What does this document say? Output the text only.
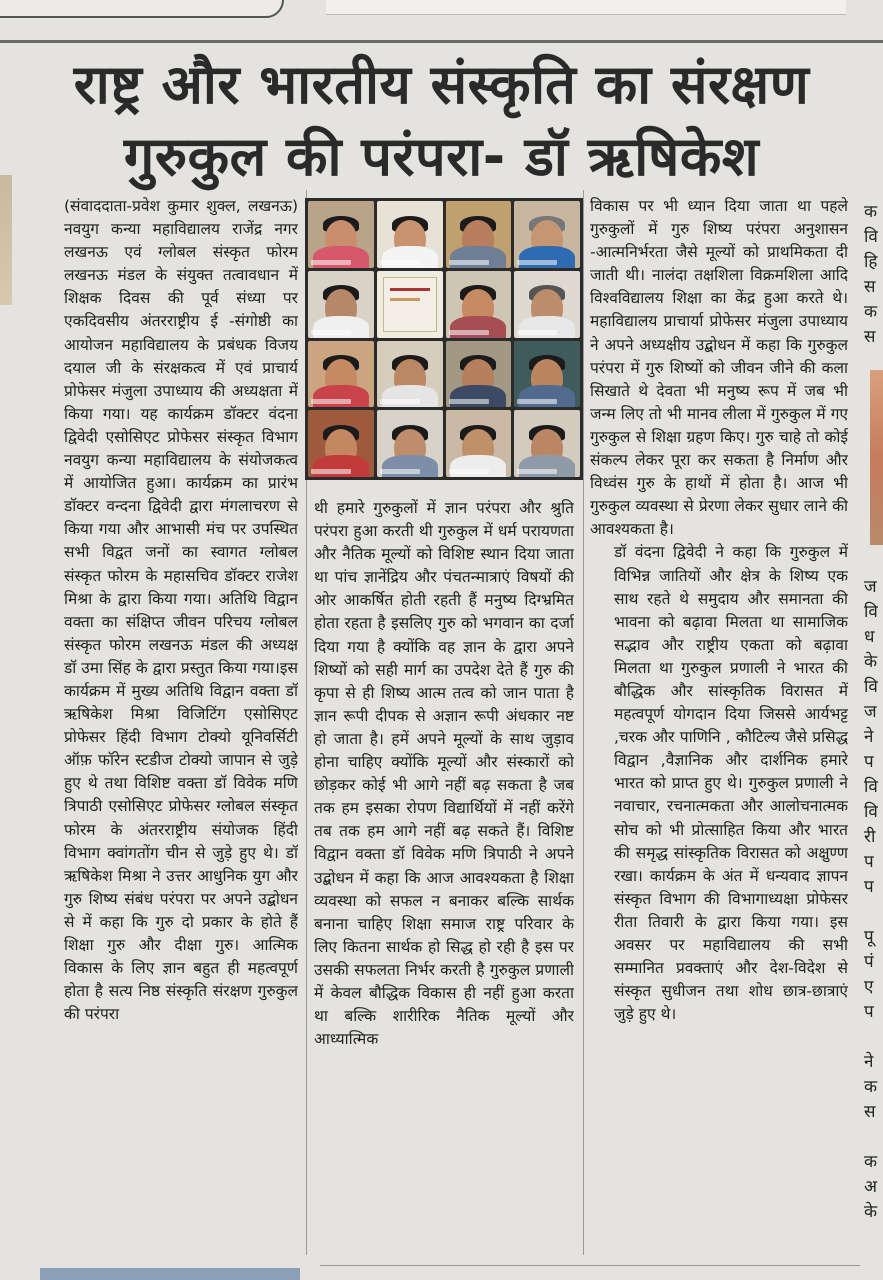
राष्ट्र और भारतीय संस्कृति का संरक्षण
गुरुकुल की परंपरा- डॉ ऋषिकेश

(संवाददाता-प्रवेश कुमार शुक्ल, लखनऊ) नवयुग कन्या महाविद्यालय राजेंद्र नगर लखनऊ एवं ग्लोबल संस्कृत फोरम लखनऊ मंडल के संयुक्त तत्वावधान में शिक्षक दिवस की पूर्व संध्या पर एकदिवसीय अंतरराष्ट्रीय ई -संगोष्ठी का आयोजन महाविद्यालय के प्रबंधक विजय दयाल जी के संरक्षकत्व में एवं प्राचार्य प्रोफेसर मंजुला उपाध्याय की अध्यक्षता में किया गया। यह कार्यक्रम डॉक्टर वंदना द्विवेदी एसोसिएट प्रोफेसर संस्कृत विभाग नवयुग कन्या महाविद्यालय के संयोजकत्व में आयोजित हुआ। कार्यक्रम का प्रारंभ डॉक्टर वन्दना द्विवेदी द्वारा मंगलाचरण से किया गया और आभासी मंच पर उपस्थित सभी विद्वत जनों का स्वागत ग्लोबल संस्कृत फोरम के महासचिव डॉक्टर राजेश मिश्रा के द्वारा किया गया। अतिथि विद्वान वक्ता का संक्षिप्त जीवन परिचय ग्लोबल संस्कृत फोरम लखनऊ मंडल की अध्यक्ष डॉ उमा सिंह के द्वारा प्रस्तुत किया गया।इस कार्यक्रम में मुख्य अतिथि विद्वान वक्ता डॉ ऋषिकेश मिश्रा विजिटिंग एसोसिएट प्रोफेसर हिंदी विभाग टोक्यो यूनिवर्सिटी ऑफ़ फॉरेन स्टडीज टोक्यो जापान से जुड़े हुए थे तथा विशिष्ट वक्ता डॉ विवेक मणि त्रिपाठी एसोसिएट प्रोफेसर ग्लोबल संस्कृत फोरम के अंतरराष्ट्रीय संयोजक हिंदी विभाग क्वांगतोंग चीन से जुड़े हुए थे। डॉ ऋषिकेश मिश्रा ने उत्तर आधुनिक युग और गुरु शिष्य संबंध परंपरा पर अपने उद्बोधन से में कहा कि गुरु दो प्रकार के होते हैं शिक्षा गुरु और दीक्षा गुरु। आत्मिक विकास के लिए ज्ञान बहुत ही महत्वपूर्ण होता है सत्य निष्ठ संस्कृति संरक्षण गुरुकुल की परंपरा

थी हमारे गुरुकुलों में ज्ञान परंपरा और श्रुति परंपरा हुआ करती थी गुरुकुल में धर्म परायणता और नैतिक मूल्यों को विशिष्ट स्थान दिया जाता था पांच ज्ञानेंद्रिय और पंचतन्मात्राएं विषयों की ओर आकर्षित होती रहती हैं मनुष्य दिग्भ्रमित होता रहता है इसलिए गुरु को भगवान का दर्जा दिया गया है क्योंकि वह ज्ञान के द्वारा अपने शिष्यों को सही मार्ग का उपदेश देते हैं गुरु की कृपा से ही शिष्य आत्म तत्व को जान पाता है ज्ञान रूपी दीपक से अज्ञान रूपी अंधकार नष्ट हो जाता है। हमें अपने मूल्यों के साथ जुड़ाव होना चाहिए क्योंकि मूल्यों और संस्कारों को छोड़कर कोई भी आगे नहीं बढ़ सकता है जब तक हम इसका रोपण विद्यार्थियों में नहीं करेंगे तब तक हम आगे नहीं बढ़ सकते हैं। विशिष्ट विद्वान वक्ता डॉ विवेक मणि त्रिपाठी ने अपने उद्बोधन में कहा कि आज आवश्यकता है शिक्षा व्यवस्था को सफल न बनाकर बल्कि सार्थक बनाना चाहिए शिक्षा समाज राष्ट्र परिवार के लिए कितना सार्थक हो सिद्ध हो रही है इस पर उसकी सफलता निर्भर करती है गुरुकुल प्रणाली में केवल बौद्धिक विकास ही नहीं हुआ करता था बल्कि शारीरिक नैतिक मूल्यों और आध्यात्मिक

विकास पर भी ध्यान दिया जाता था पहले गुरुकुलों में गुरु शिष्य परंपरा अनुशासन -आत्मनिर्भरता जैसे मूल्यों को प्राथमिकता दी जाती थी। नालंदा तक्षशिला विक्रमशिला आदि विश्वविद्यालय शिक्षा का केंद्र हुआ करते थे।महाविद्यालय प्राचार्या प्रोफेसर मंजुला उपाध्याय ने अपने अध्यक्षीय उद्बोधन में कहा कि गुरुकुल परंपरा में गुरु शिष्यों को जीवन जीने की कला सिखाते थे देवता भी मनुष्य रूप में जब भी जन्म लिए तो भी मानव लीला में गुरुकुल में गए गुरुकुल से शिक्षा ग्रहण किए। गुरु चाहे तो कोई संकल्प लेकर पूरा कर सकता है निर्माण और विध्वंस गुरु के हाथों में होता है। आज भी गुरुकुल व्यवस्था से प्रेरणा लेकर सुधार लाने की आवश्यकता है।

डॉ वंदना द्विवेदी ने कहा कि गुरुकुल में विभिन्न जातियों और क्षेत्र के शिष्य एक साथ रहते थे समुदाय और समानता की भावना को बढ़ावा मिलता था सामाजिक सद्भाव और राष्ट्रीय एकता को बढ़ावा मिलता था गुरुकुल प्रणाली ने भारत की बौद्धिक और सांस्कृतिक विरासत में महत्वपूर्ण योगदान दिया जिससे आर्यभट्ट ,चरक और पाणिनि , कौटिल्य जैसे प्रसिद्ध विद्वान ,वैज्ञानिक और दार्शनिक हमारे भारत को प्राप्त हुए थे। गुरुकुल प्रणाली ने नवाचार, रचनात्मकता और आलोचनात्मक सोच को भी प्रोत्साहित किया और भारत की समृद्ध सांस्कृतिक विरासत को अक्षुण्ण रखा। कार्यक्रम के अंत में धन्यवाद ज्ञापन संस्कृत विभाग की विभागाध्यक्षा प्रोफेसर रीता तिवारी के द्वारा किया गया। इस अवसर पर महाविद्यालय की सभी सम्मानित प्रवक्ताएं और देश-विदेश से संस्कृत सुधीजन तथा शोध छात्र-छात्राएं जुड़े हुए थे।

क
वि
हि
स
क
स

ज
वि
ध
के
वि
ज
ने
प
वि
वि
री
प
प

पू
पं
ए
प

ने
क
स

क
अ
के
